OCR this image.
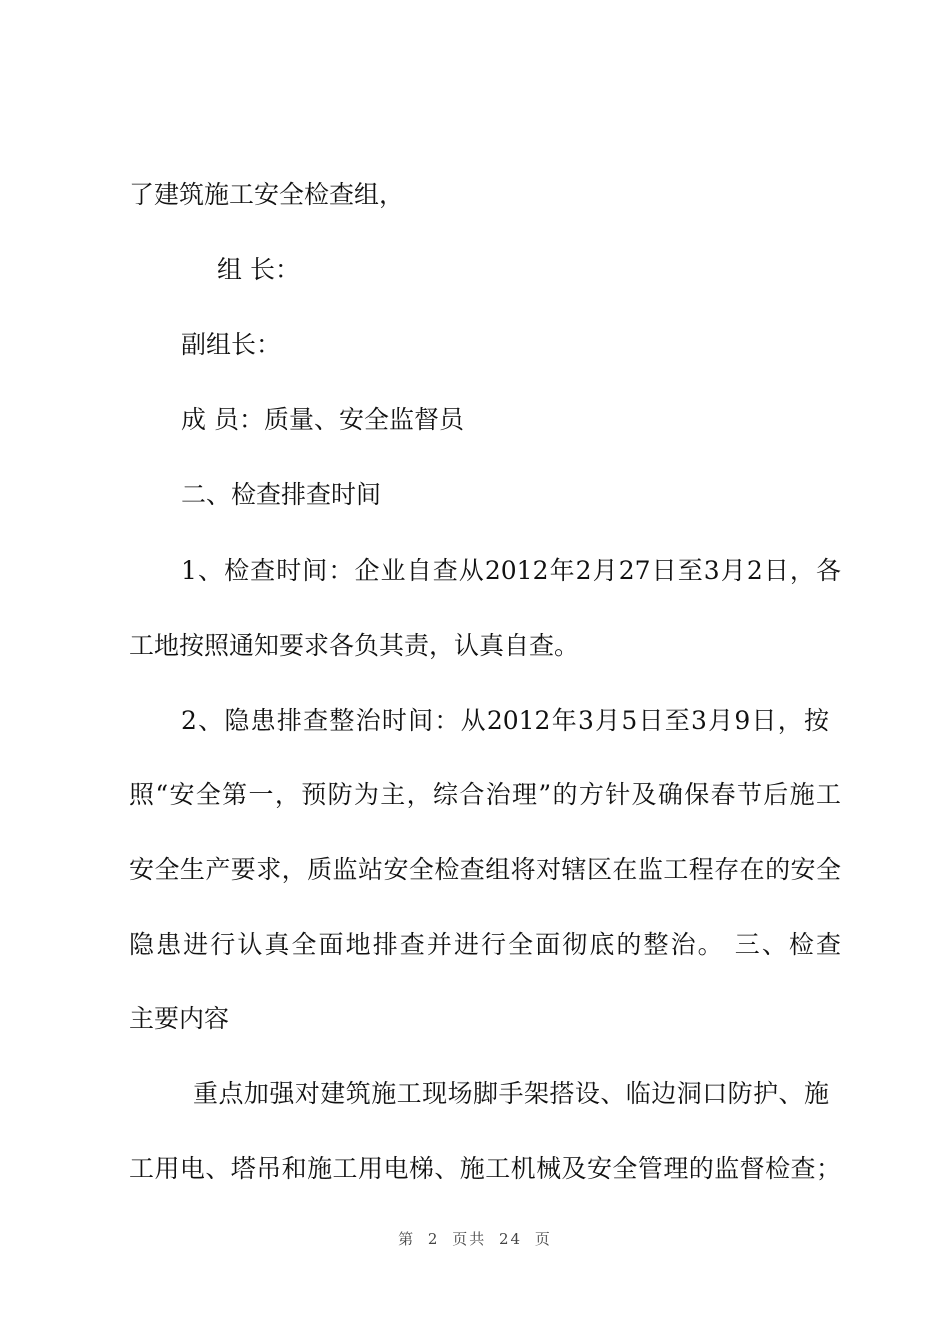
了建筑施工安全检查组，

组 长：

副组长：

成 员：质量、安全监督员

二、检查排查时间

1、检查时间：企业自查从2012年2月27日至3月2日，各

工地按照通知要求各负其责，认真自查。

2、隐患排查整治时间：从2012年3月5日至3月9日，按

照“安全第一，预防为主，综合治理”的方针及确保春节后施工

安全生产要求，质监站安全检查组将对辖区在监工程存在的安全

隐患进行认真全面地排查并进行全面彻底的整治。 三、检查

主要内容

重点加强对建筑施工现场脚手架搭设、临边洞口防护、施

工用电、塔吊和施工用电梯、施工机械及安全管理的监督检查；

第 2 页共 24 页
